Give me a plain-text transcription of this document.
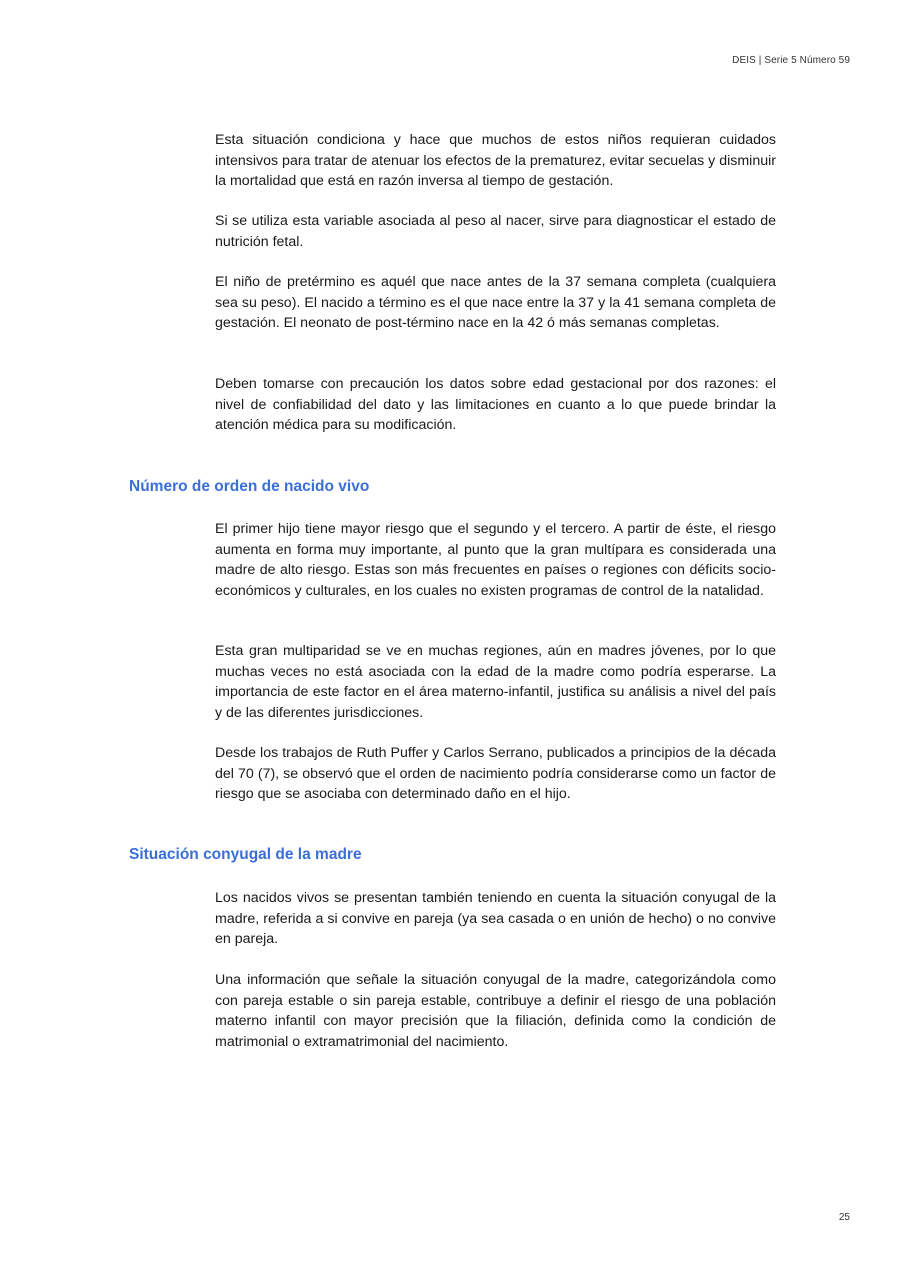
DEIS | Serie 5 Número 59

Esta situación condiciona y hace que muchos de estos niños requieran cuidados intensivos para tratar de atenuar los efectos de la prematurez, evitar secuelas y disminuir la mortalidad que está en razón inversa al tiempo de gestación.

Si se utiliza esta variable asociada al peso al nacer, sirve para diagnosticar el estado de nutrición fetal.

El niño de pretérmino es aquél que nace antes de la 37 semana completa (cualquiera sea su peso). El nacido a término es el que nace entre la 37 y la 41 semana completa de gestación. El neonato de post-término nace en la 42 ó más semanas completas.

Deben tomarse con precaución los datos sobre edad gestacional por dos razones: el nivel de confiabilidad del dato y las limitaciones en cuanto a lo que puede brindar la atención médica para su modificación.

Número de orden de nacido vivo

El primer hijo tiene mayor riesgo que el segundo y el tercero. A partir de éste, el riesgo aumenta en forma muy importante, al punto que la gran multípara es considerada una madre de alto riesgo. Estas son más frecuentes en países o regiones con déficits socio-económicos y culturales, en los cuales no existen programas de control de la natalidad.

Esta gran multiparidad se ve en muchas regiones, aún en madres jóvenes, por lo que muchas veces no está asociada con la edad de la madre como podría esperarse. La importancia de este factor en el área materno-infantil, justifica su análisis a nivel del país y de las diferentes jurisdicciones.

Desde los trabajos de Ruth Puffer y Carlos Serrano, publicados a principios de la década del 70 (7), se observó que el orden de nacimiento podría considerarse como un factor de riesgo que se asociaba con determinado daño en el hijo.

Situación conyugal de la madre

Los nacidos vivos se presentan también teniendo en cuenta la situación conyugal de la madre, referida a si convive en pareja (ya sea casada o en unión de hecho) o no convive en pareja.

Una información que señale la situación conyugal de la madre, categorizándola como con pareja estable o sin pareja estable, contribuye a definir el riesgo de una población materno infantil con mayor precisión que la filiación, definida como la condición de matrimonial o extramatrimonial del nacimiento.

25
